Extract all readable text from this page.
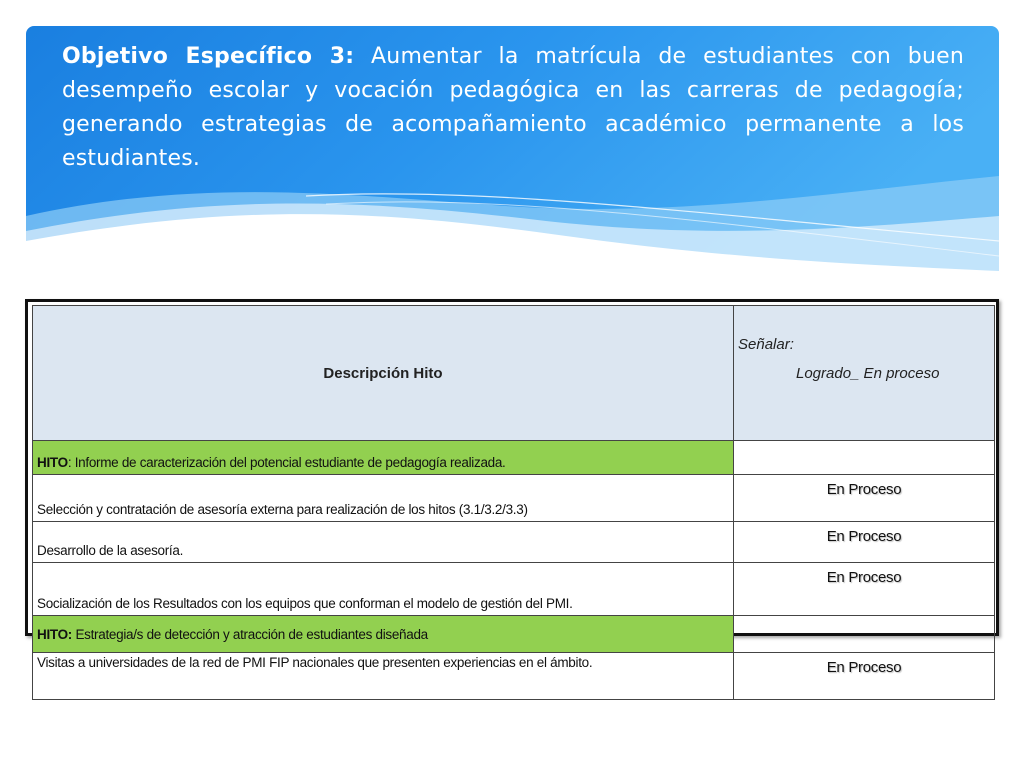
Objetivo Específico 3: Aumentar la matrícula de estudiantes con buen desempeño escolar y vocación pedagógica en las carreras de pedagogía; generando estrategias de acompañamiento académico permanente a los estudiantes.
Descripción Hito	Señalar:
Logrado_ En proceso

HITO: Informe de caracterización del potencial estudiante de pedagogía realizada.	
Selección y contratación de asesoría externa para realización de los hitos (3.1/3.2/3.3)	En Proceso
Desarrollo de la asesoría.	En Proceso
Socialización de los Resultados con los equipos que conforman el modelo de gestión del PMI.	En Proceso
HITO: Estrategia/s de detección y atracción de estudiantes diseñada	
Visitas a universidades de la red de PMI FIP nacionales que presenten experiencias en el ámbito.	En Proceso
